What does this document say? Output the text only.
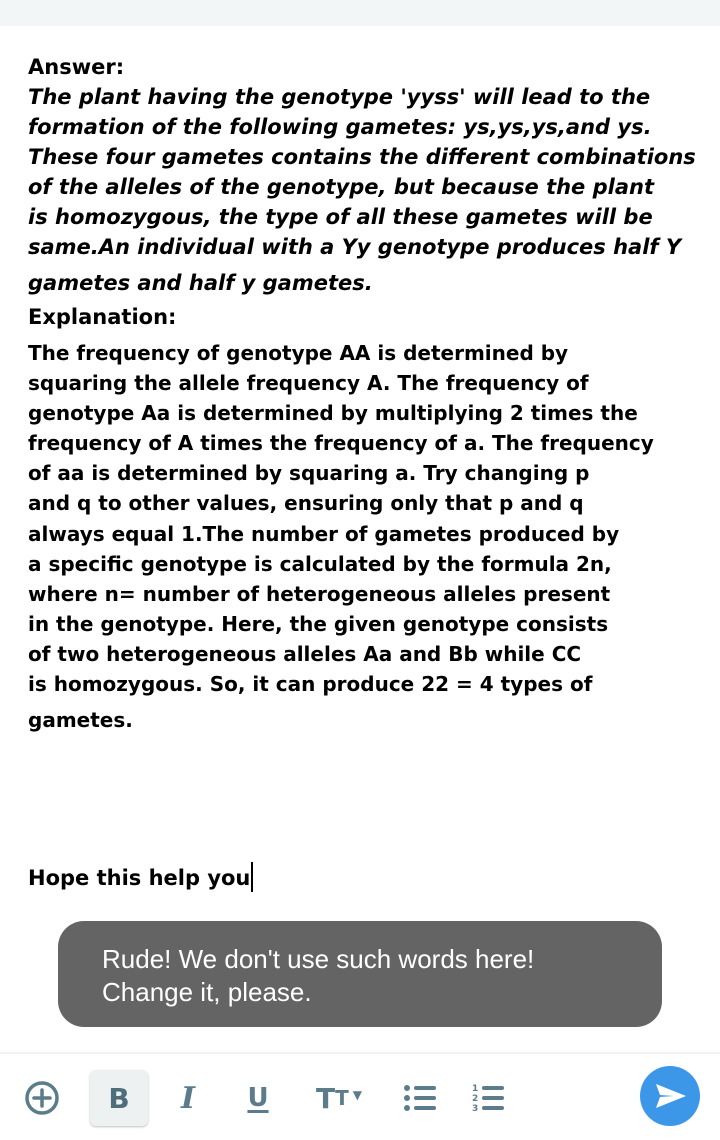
Answer:

The plant having the genotype 'yyss' will lead to the
formation of the following gametes: ys,ys,ys,and ys.
These four gametes contains the different combinations
of the alleles of the genotype, but because the plant
is homozygous, the type of all these gametes will be
same.An individual with a Yy genotype produces half Y
gametes and half y gametes.

Explanation:

The frequency of genotype AA is determined by
squaring the allele frequency A. The frequency of
genotype Aa is determined by multiplying 2 times the
frequency of A times the frequency of a. The frequency
of aa is determined by squaring a. Try changing p
and q to other values, ensuring only that p and q
always equal 1.The number of gametes produced by
a specific genotype is calculated by the formula 2n,
where n= number of heterogeneous alleles present
in the genotype. Here, the given genotype consists
of two heterogeneous alleles Aa and Bb while CC
is homozygous. So, it can produce 22 = 4 types of
gametes.

Hope this help you
Rude! We don't use such words here!
Change it, please.
B	I	U	T T ▼	1
2
3
